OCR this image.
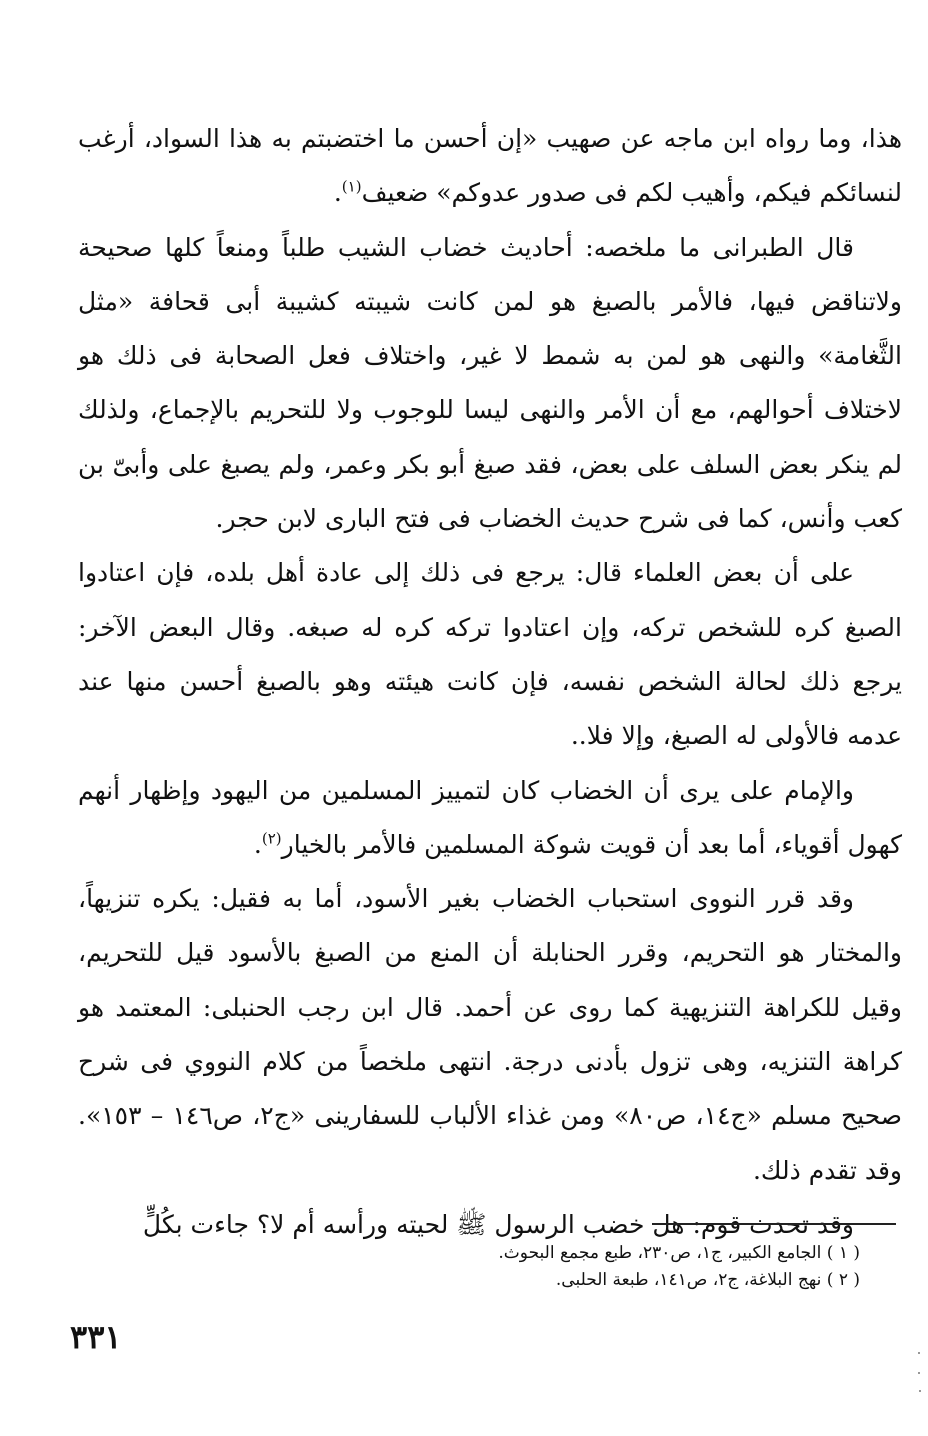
هذا، وما رواه ابن ماجه عن صهيب «إن أحسن ما اختضبتم به هذا السواد، أرغب لنسائكم فيكم، وأهيب لكم فى صدور عدوكم» ضعيف$^{(١)}$.

قال الطبرانى ما ملخصه: أحاديث خضاب الشيب طلباً ومنعاً كلها صحيحة ولاتناقض فيها، فالأمر بالصبغ هو لمن كانت شيبته كشيبة أبى قحافة «مثل الثَّغامة» والنهى هو لمن به شمط لا غير، واختلاف فعل الصحابة فى ذلك هو لاختلاف أحوالهم، مع أن الأمر والنهى ليسا للوجوب ولا للتحريم بالإجماع، ولذلك لم ينكر بعض السلف على بعض، فقد صبغ أبو بكر وعمر، ولم يصبغ على وأبىّ بن كعب وأنس، كما فى شرح حديث الخضاب فى فتح البارى لابن حجر.

على أن بعض العلماء قال: يرجع فى ذلك إلى عادة أهل بلده، فإن اعتادوا الصبغ كره للشخص تركه، وإن اعتادوا تركه كره له صبغه. وقال البعض الآخر: يرجع ذلك لحالة الشخص نفسه، فإن كانت هيئته وهو بالصبغ أحسن منها عند عدمه فالأولى له الصبغ، وإلا فلا..

والإمام على يرى أن الخضاب كان لتمييز المسلمين من اليهود وإظهار أنهم كهول أقوياء، أما بعد أن قويت شوكة المسلمين فالأمر بالخيار$^{(٢)}$.

وقد قرر النووى استحباب الخضاب بغير الأسود، أما به فقيل: يكره تنزيهاً، والمختار هو التحريم، وقرر الحنابلة أن المنع من الصبغ بالأسود قيل للتحريم، وقيل للكراهة التنزيهية كما روى عن أحمد. قال ابن رجب الحنبلى: المعتمد هو كراهة التنزيه، وهى تزول بأدنى درجة. انتهى ملخصاً من كلام النووي فى شرح صحيح مسلم «ج١٤، ص٨٠» ومن غذاء الألباب للسفارينى «ج٢، ص١٤٦ – ١٥٣». وقد تقدم ذلك.

وقد تحدث قوم: هل خضب الرسول ﷺ لحيته ورأسه أم لا؟ جاءت بكُلٍّ

( ١ ) الجامع الكبير، ج١، ص٢٣٠، طبع مجمع البحوث.

( ٢ ) نهج البلاغة، ج٢، ص١٤١، طبعة الحلبى.

٣٣١
